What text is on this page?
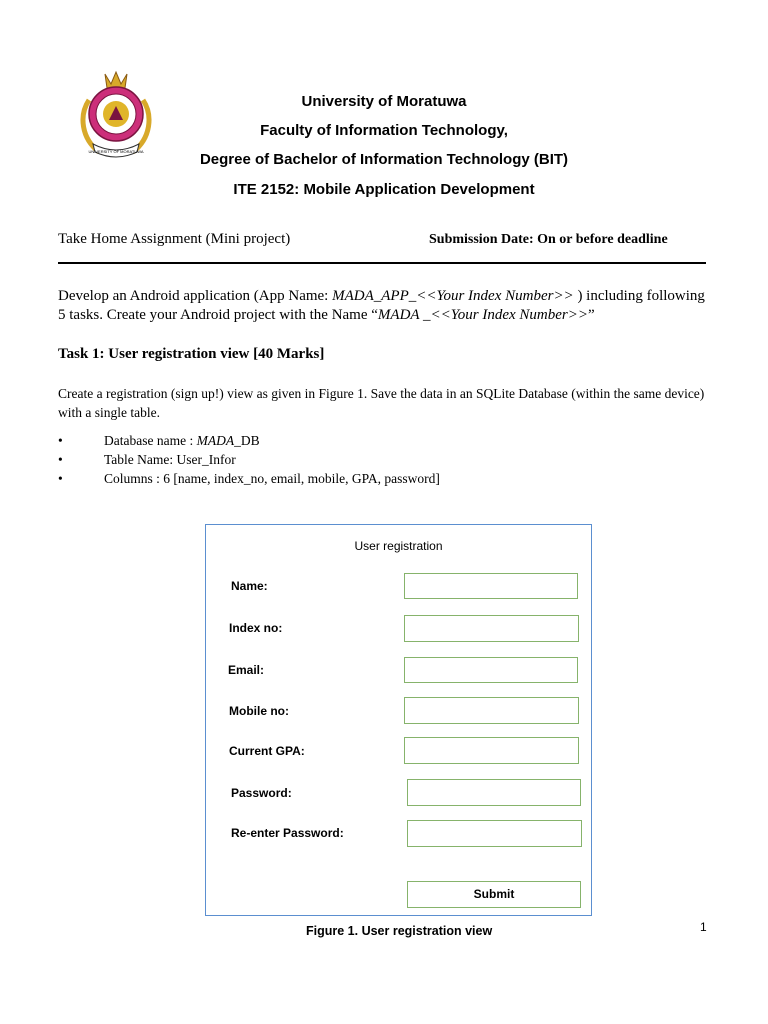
UNIVERSITY OF MORATUWA
University of Moratuwa
Faculty of Information Technology,
Degree of Bachelor of Information Technology (BIT)
ITE 2152: Mobile Application Development
Take Home Assignment (Mini project)	Submission Date: On or before deadline
Develop an Android application (App Name: MADA_APP_<<Your Index Number>> ) including following 5 tasks. Create your Android project with the Name “MADA _<<Your Index Number>>”
Task 1: User registration view [40 Marks]
Create a registration (sign up!) view as given in Figure 1. Save the data in an SQLite Database (within the same device) with a single table.
•	Database name : MADA_DB
•	Table Name: User_Infor
•	Columns : 6 [name, index_no, email, mobile, GPA, password]
User registration
Name:
Index no:
Email:
Mobile no:
Current GPA:
Password:
Re-enter Password:
Submit
Figure 1. User registration view	1
